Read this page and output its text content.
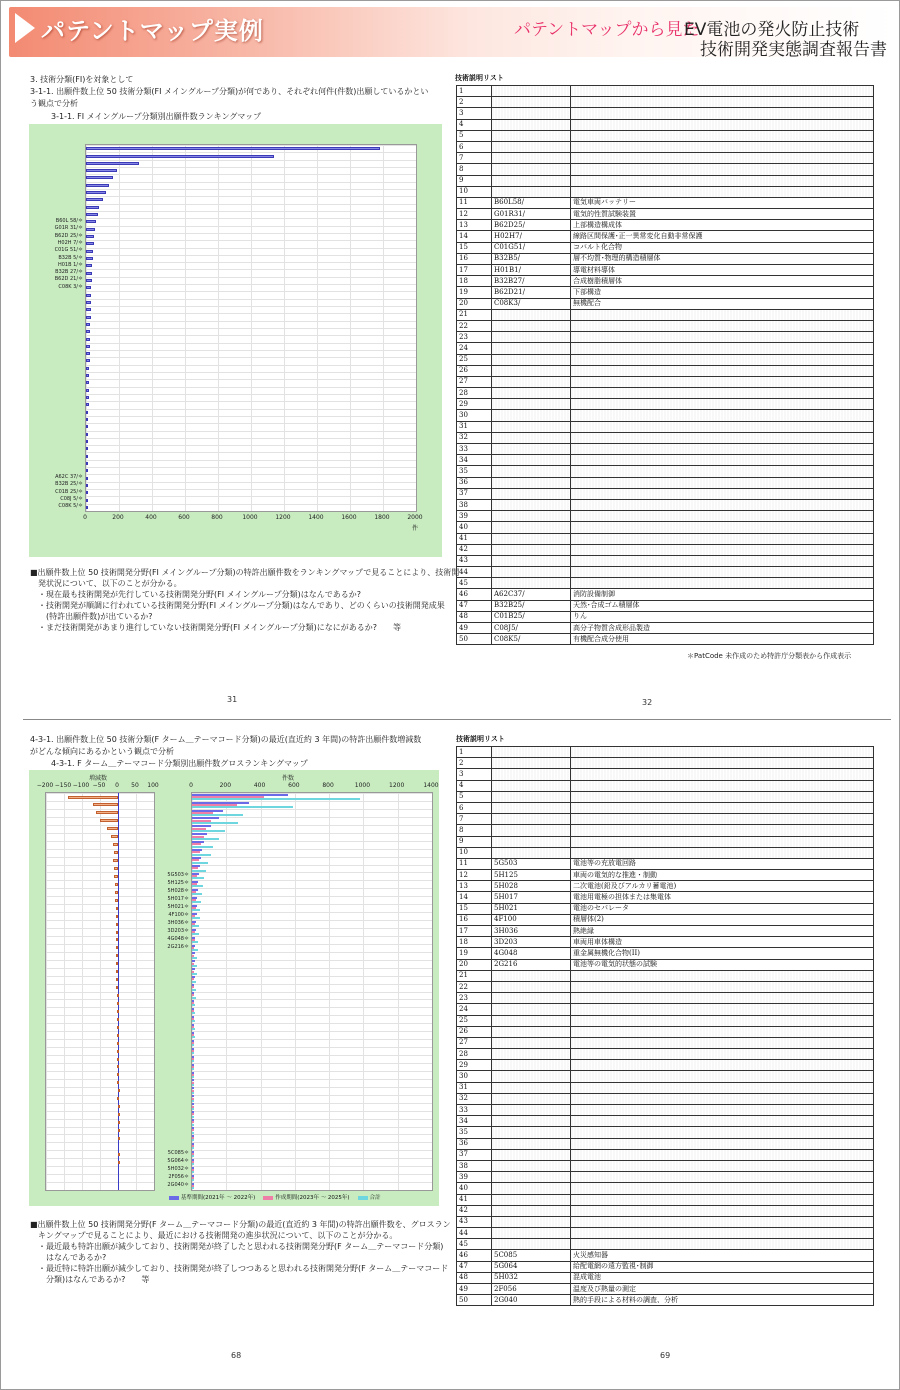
パテントマップ実例	パテントマップから見た
EV電池の発火防止技術
技術開発実態調査報告書
3. 技術分類(FI)を対象として
3-1-1. 出願件数上位 50 技術分類(FI メイングループ分類)が何であり、それぞれ何件(件数)出願しているかとい
う観点で分析
3-1-1. FI メイングループ分類別出願件数ランキングマップ
B60L 58/＊
G01R 31/＊
B62D 25/＊
H02H 7/＊
C01G 51/＊
B32B 5/＊
H01B 1/＊
B32B 27/＊
B62D 21/＊
C08K 3/＊
A62C 37/＊
B32B 25/＊
C01B 25/＊
C08J 5/＊
C08K 5/＊
0	200	400	600	800	1000	1200	1400	1600	1800	2000
件
■出願件数上位 50 技術開発分野(FI メイングループ分類)の特許出願件数をランキングマップで見ることにより、技術開
　発状況について、以下のことが分かる。
　・現在最も技術開発が先行している技術開発分野(FI メイングループ分類)はなんであるか?
　・技術開発が順調に行われている技術開発分野(FI メイングループ分類)はなんであり、どのくらいの技術開発成果
　　(特許出願件数)が出ているか?
　・まだ技術開発があまり進行していない技術開発分野(FI メイングループ分類)になにがあるか?　　等
31	32
技術説明リスト
1		
2		
3		
4		
5		
6		
7		
8		
9		
10		
11	B60L58/	電気車両バッテリー
12	G01R31/	電気的性質試験装置
13	B62D25/	上部構造構成体
14	H02H7/	線路区間保護･正一異常変化自動非常保護
15	C01G51/	コバルト化合物
16	B32B5/	層不均質･物理的構造積層体
17	H01B1/	導電材料導体
18	B32B27/	合成樹脂積層体
19	B62D21/	下部構造
20	C08K3/	無機配合
21		
22		
23		
24		
25		
26		
27		
28		
29		
30		
31		
32		
33		
34		
35		
36		
37		
38		
39		
40		
41		
42		
43		
44		
45		
46	A62C37/	消防設備制御
47	B32B25/	天然･合成ゴム積層体
48	C01B25/	りん
49	C08J5/	高分子物質含成形品製造
50	C08K5/	有機配合成分使用
＊PatCode 未作成のため特許庁分類表から作成表示
4-3-1. 出願件数上位 50 技術分類(F ターム＿テーマコード分類)の最近(直近約 3 年間)の特許出願件数増減数
がどんな傾向にあるかという観点で分析
4-3-1. F ターム＿テーマコード分類別出願件数グロスランキングマップ
増減数	件数
−200 −150 −100 −50 0 50 100	0	200	400	600	800	1000	1200	1400
5G503＊
5H125＊
5H028＊
5H017＊
5H021＊
4F100＊
3H036＊
3D203＊
4G048＊
2G216＊
5C085＊
5G064＊
5H032＊
2F056＊
2G040＊
基準期間(2021年 ～ 2022年)	作成期間(2023年 ～ 2025年)	合計
■出願件数上位 50 技術開発分野(F ターム＿テーマコード分類)の最近(直近約 3 年間)の特許出願件数を、グロスラン
　キングマップで見ることにより、最近における技術開発の進歩状況について、以下のことが分かる。
　・最近最も特許出願が減少しており、技術開発が終了したと思われる技術開発分野(F ターム＿テーマコード分類)
　　はなんであるか?
　・最近特に特許出願が減少しており、技術開発が終了しつつあると思われる技術開発分野(F ターム＿テーマコード
　　分類)はなんであるか?　　等
68	69
技術説明リスト
1		
2		
3		
4		
5		
6		
7		
8		
9		
10		
11	5G503	電池等の充放電回路
12	5H125	車両の電気的な推進・制動
13	5H028	二次電池(鉛及びアルカリ蓄電池)
14	5H017	電池用電極の担体または集電体
15	5H021	電池のセパレータ
16	4F100	積層体(2)
17	3H036	熱絶縁
18	3D203	車両用車体構造
19	4G048	重金属無機化合物(II)
20	2G216	電池等の電気的状態の試験
21		
22		
23		
24		
25		
26		
27		
28		
29		
30		
31		
32		
33		
34		
35		
36		
37		
38		
39		
40		
41		
42		
43		
44		
45		
46	5C085	火災感知器
47	5G064	給配電網の遠方監視･制御
48	5H032	混成電池
49	2F056	温度及び熱量の測定
50	2G040	熱的手段による材料の調査、分析
